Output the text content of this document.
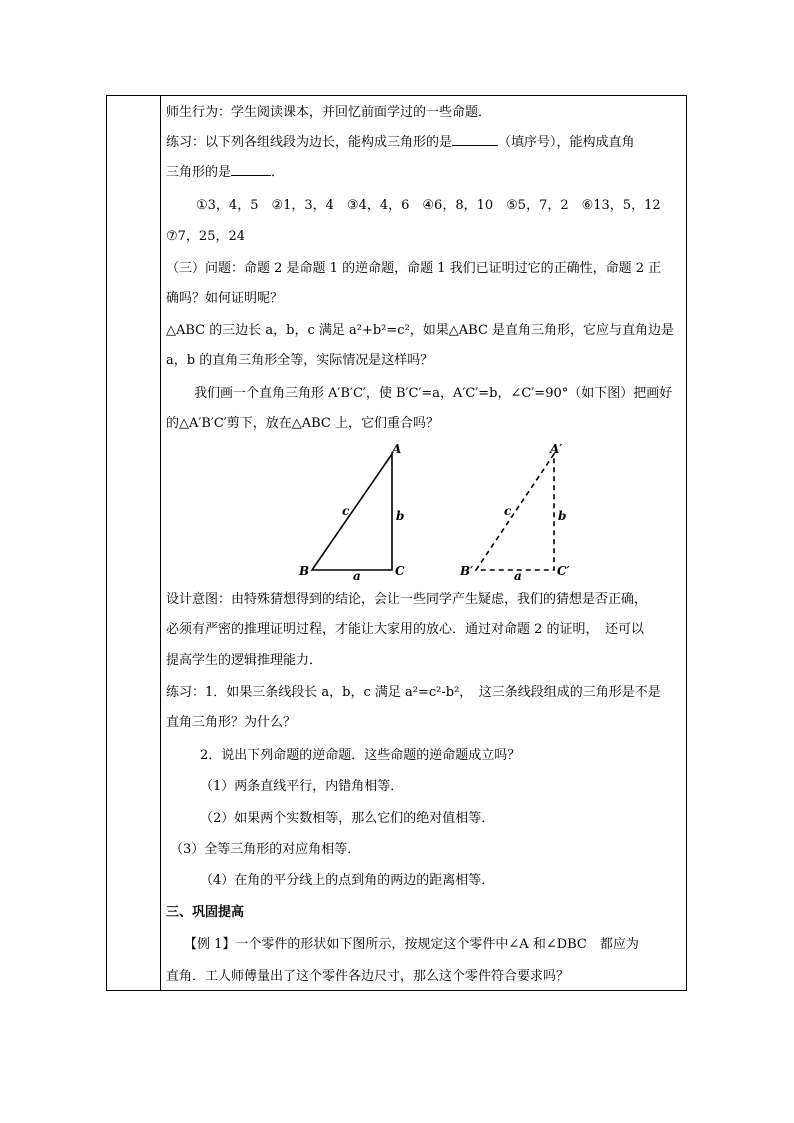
师生行为：学生阅读课本，并回忆前面学过的一些命题．
练习：以下列各组线段为边长，能构成三角形的是	（填序号），能构成直角
三角形的是	．
①3，4，5　②1，3，4　③4，4，6　④6，8，10　⑤5，7，2　⑥13，5，12
⑦7，25，24
（三）问题：命题 2 是命题 1 的逆命题，命题 1 我们已证明过它的正确性，命题 2 正
确吗？如何证明呢？
△ABC 的三边长 a，b，c 满足 a²+b²=c²，如果△ABC 是直角三角形，它应与直角边是
a，b 的直角三角形全等，实际情况是这样吗？
我们画一个直角三角形 A′B′C′，使 B′C′=a，A′C′=b，∠C′=90°（如下图）把画好
的△A′B′C′剪下，放在△ABC 上，它们重合吗？
设计意图：由特殊猜想得到的结论，会让一些同学产生疑虑，我们的猜想是否正确，
必须有严密的推理证明过程，才能让大家用的放心．通过对命题 2 的证明，　还可以
提高学生的逻辑推理能力．
练习：1．如果三条线段长 a，b，c 满足 a²=c²-b²，　这三条线段组成的三角形是不是
直角三角形？为什么？
2．说出下列命题的逆命题．这些命题的逆命题成立吗？
（1）两条直线平行，内错角相等．
（2）如果两个实数相等，那么它们的绝对值相等．
（3）全等三角形的对应角相等．
（4）在角的平分线上的点到角的两边的距离相等．
三、巩固提高
【例 1】一个零件的形状如下图所示，按规定这个零件中∠A 和∠DBC　都应为
直角．工人师傅量出了这个零件各边尺寸，那么这个零件符合要求吗？
A
B	C
a
b
c
A′
B′	C′
a
b
c
